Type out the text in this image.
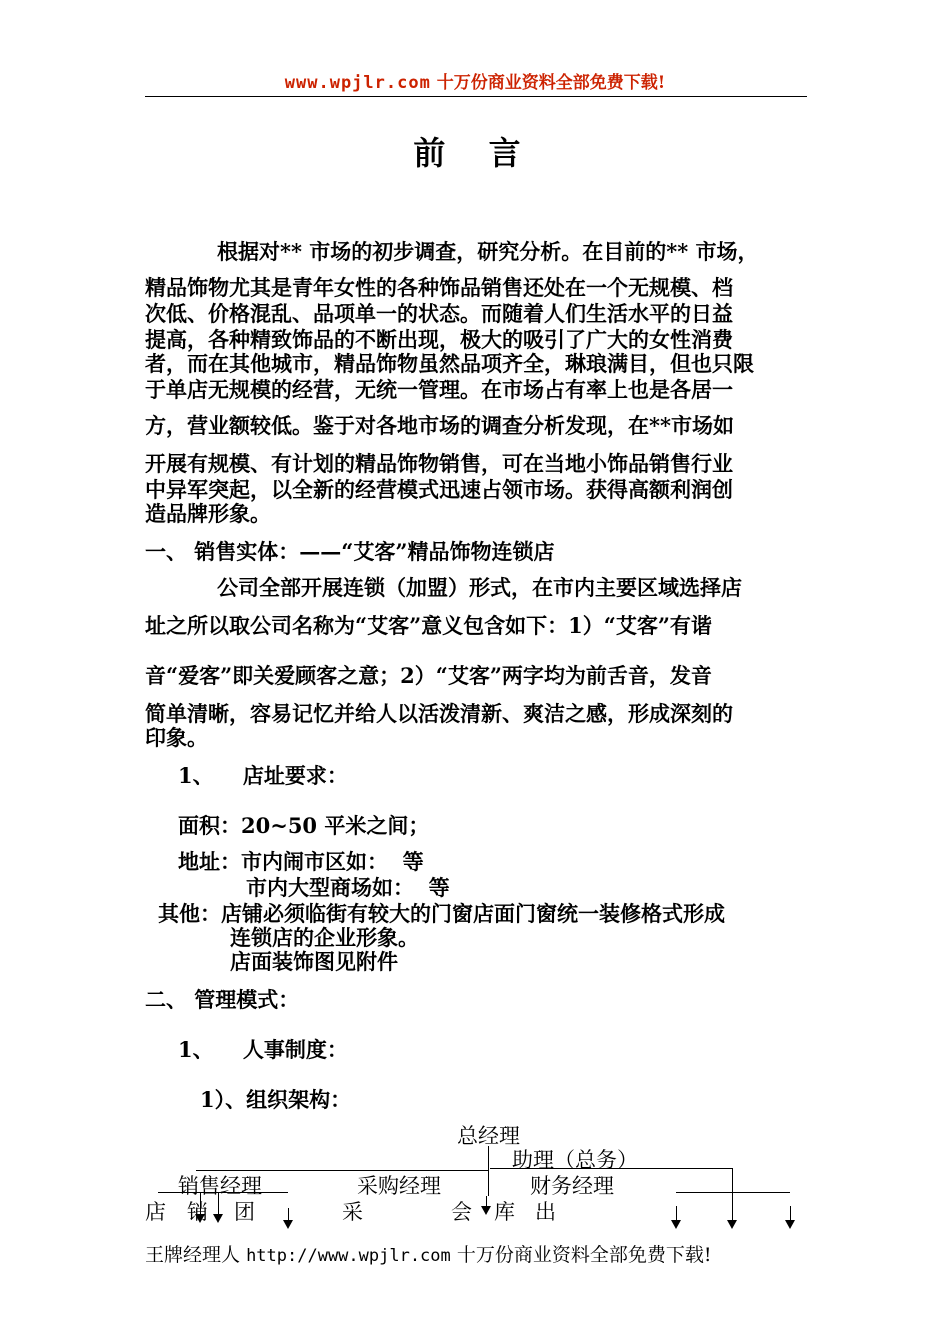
www.wpjlr.com 十万份商业资料全部免费下载!
前 言
根据对** 市场的初步调查，研究分析。在目前的** 市场，
精品饰物尤其是青年女性的各种饰品销售还处在一个无规模、档
次低、价格混乱、品项单一的状态。而随着人们生活水平的日益
提高，各种精致饰品的不断出现，极大的吸引了广大的女性消费
者，而在其他城市，精品饰物虽然品项齐全，琳琅满目，但也只限
于单店无规模的经营，无统一管理。在市场占有率上也是各居一
方，营业额较低。鉴于对各地市场的调查分析发现，在**市场如
开展有规模、有计划的精品饰物销售，可在当地小饰品销售行业
中异军突起，以全新的经营模式迅速占领市场。获得高额利润创
造品牌形象。
一、 销售实体：——“艾客”精品饰物连锁店
公司全部开展连锁（加盟）形式，在市内主要区域选择店
址之所以取公司名称为“艾客”意义包含如下：1）“艾客”有谐
音“爱客”即关爱顾客之意；2）“艾客”两字均为前舌音，发音
简单清晰，容易记忆并给人以活泼清新、爽洁之感，形成深刻的
印象。
1、    店址要求：
面积：20~50 平米之间；
地址：市内闹市区如：  等
市内大型商场如：  等
其他：店铺必须临街有较大的门窗店面门窗统一装修格式形成
连锁店的企业形象。
店面装饰图见附件
二、 管理模式：
1、    人事制度：
1）、组织架构：
总经理
助理（总务）
销售经理	采购经理	财务经理
店 销 团	采	会 库 出
王牌经理人 http://www.wpjlr.com 十万份商业资料全部免费下载!
